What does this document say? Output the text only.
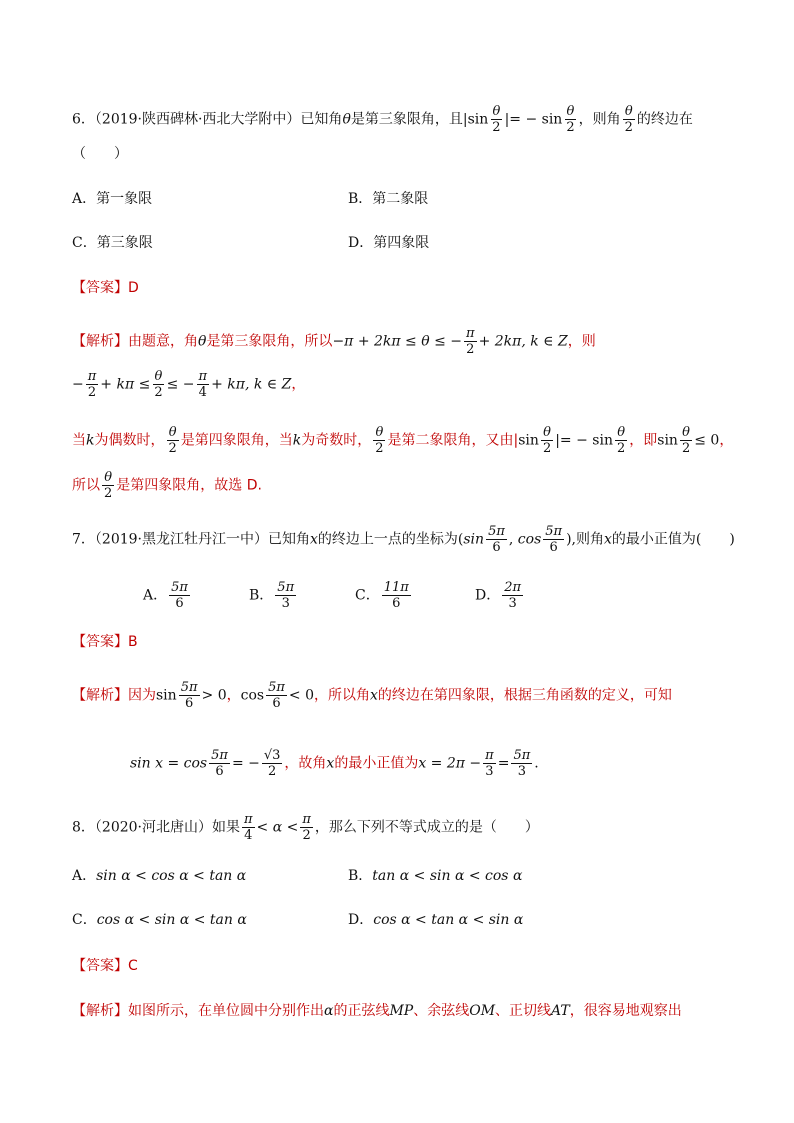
6．（2019·陕西碑林·西北大学附中）已知角θ是第三象限角，且$|\sin \frac{\theta}{2}$ |= − $\sin \frac{\theta}{2}$ ，则角 $\frac{\theta}{2}$ 的终边在
（　　）
A．第一象限	B．第二象限
C．第三象限	D．第四象限
【答案】D
【解析】由题意，角θ是第三象限角，所以−π + 2kπ ≤ θ ≤ − $\frac{\pi}{2} + 2k\pi$, k ∈ Z，则
− $\frac{\pi}{2} + k\pi \le \frac{\theta}{2}$ ≤ − $\frac{\pi}{4} + k\pi$, k ∈ Z，
当k为偶数时， $\frac{\theta}{2}$ 是第四象限角，当k为奇数时， $\frac{\theta}{2}$ 是第二象限角，又由$|\sin \frac{\theta}{2}$ |= − $\sin \frac{\theta}{2}$ ，即$\sin \frac{\theta}{2} \le 0$，
所以 $\frac{\theta}{2}$ 是第四象限角，故选 D.
7．（2019·黑龙江牡丹江一中）已知角x的终边上一点的坐标为($\sin \frac{5\pi}{6}$ , $\cos \frac{5\pi}{6}$ ),则角x的最小正值为(　　)
A． $\frac{5\pi}{6}$	B． $\frac{5\pi}{3}$	C． $\frac{11\pi}{6}$	D． $\frac{2\pi}{3}$
【答案】B
【解析】因为$\sin \frac{5\pi}{6} > 0$，$\cos \frac{5\pi}{6} < 0$，所以角x的终边在第四象限，根据三角函数的定义，可知
$\sin x = \cos \frac{5\pi}{6}$ = − $\frac{√3}{2}$ ，故角x的最小正值为$x = 2\pi - \frac{\pi}{3} = \frac{5\pi}{3}$ .
8．（2020·河北唐山）如果 $\frac{\pi}{4} < \alpha < \frac{\pi}{2}$ ，那么下列不等式成立的是（　　）
A．sin α < cos α < tan α	B．tan α < sin α < cos α
C．cos α < sin α < tan α	D．cos α < tan α < sin α
【答案】C
【解析】如图所示，在单位圆中分别作出α的正弦线MP、余弦线OM、正切线AT，很容易地观察出
